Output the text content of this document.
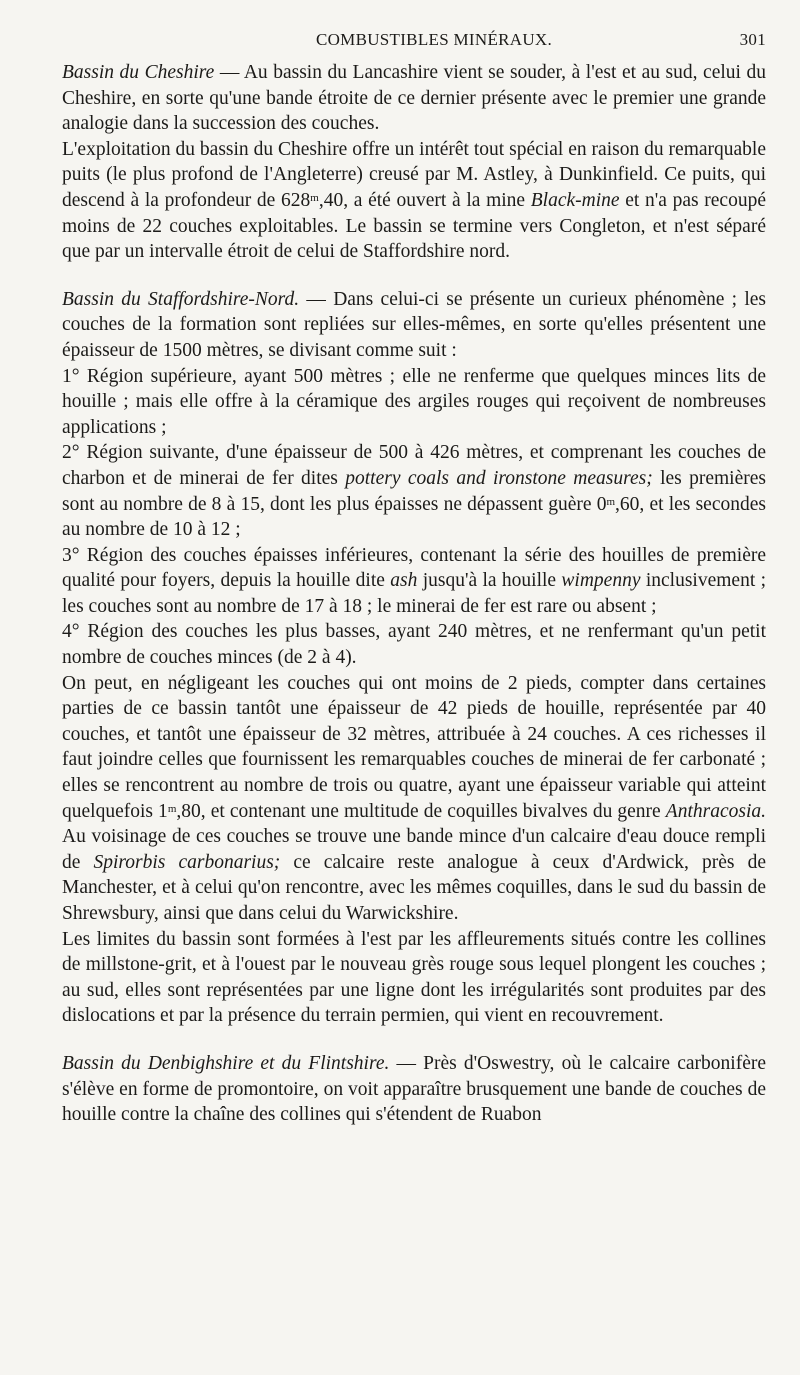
COMBUSTIBLES MINÉRAUX.	301

Bassin du Cheshire — Au bassin du Lancashire vient se souder, à l'est et au sud, celui du Cheshire, en sorte qu'une bande étroite de ce dernier présente avec le premier une grande analogie dans la succession des couches.

L'exploitation du bassin du Cheshire offre un intérêt tout spécial en raison du remarquable puits (le plus profond de l'Angleterre) creusé par M. Astley, à Dunkinfield. Ce puits, qui descend à la profondeur de 628$^m$,40, a été ouvert à la mine Black-mine et n'a pas recoupé moins de 22 couches exploitables. Le bassin se termine vers Congleton, et n'est séparé que par un intervalle étroit de celui de Staffordshire nord.

Bassin du Staffordshire-Nord. — Dans celui-ci se présente un curieux phénomène ; les couches de la formation sont repliées sur elles-mêmes, en sorte qu'elles présentent une épaisseur de 1500 mètres, se divisant comme suit :

1° Région supérieure, ayant 500 mètres ; elle ne renferme que quelques minces lits de houille ; mais elle offre à la céramique des argiles rouges qui reçoivent de nombreuses applications ;

2° Région suivante, d'une épaisseur de 500 à 426 mètres, et comprenant les couches de charbon et de minerai de fer dites pottery coals and ironstone measures; les premières sont au nombre de 8 à 15, dont les plus épaisses ne dépassent guère 0$^m$,60, et les secondes au nombre de 10 à 12 ;

3° Région des couches épaisses inférieures, contenant la série des houilles de première qualité pour foyers, depuis la houille dite ash jusqu'à la houille wimpenny inclusivement ; les couches sont au nombre de 17 à 18 ; le minerai de fer est rare ou absent ;

4° Région des couches les plus basses, ayant 240 mètres, et ne renfermant qu'un petit nombre de couches minces (de 2 à 4).

On peut, en négligeant les couches qui ont moins de 2 pieds, compter dans certaines parties de ce bassin tantôt une épaisseur de 42 pieds de houille, représentée par 40 couches, et tantôt une épaisseur de 32 mètres, attribuée à 24 couches. A ces richesses il faut joindre celles que fournissent les remarquables couches de minerai de fer carbonaté ; elles se rencontrent au nombre de trois ou quatre, ayant une épaisseur variable qui atteint quelquefois 1$^m$,80, et contenant une multitude de coquilles bivalves du genre Anthracosia. Au voisinage de ces couches se trouve une bande mince d'un calcaire d'eau douce rempli de Spirorbis carbonarius; ce calcaire reste analogue à ceux d'Ardwick, près de Manchester, et à celui qu'on rencontre, avec les mêmes coquilles, dans le sud du bassin de Shrewsbury, ainsi que dans celui du Warwickshire.

Les limites du bassin sont formées à l'est par les affleurements situés contre les collines de millstone-grit, et à l'ouest par le nouveau grès rouge sous lequel plongent les couches ; au sud, elles sont représentées par une ligne dont les irrégularités sont produites par des dislocations et par la présence du terrain permien, qui vient en recouvrement.

Bassin du Denbighshire et du Flintshire. — Près d'Oswestry, où le calcaire carbonifère s'élève en forme de promontoire, on voit apparaître brusquement une bande de couches de houille contre la chaîne des collines qui s'étendent de Ruabon
